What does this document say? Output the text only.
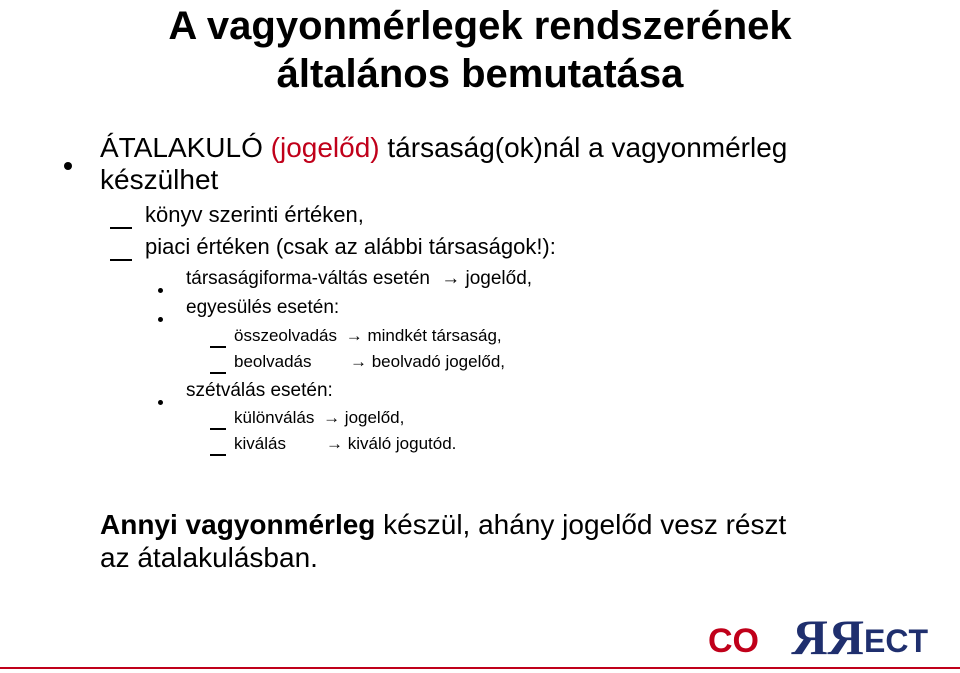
A vagyonmérlegek rendszerének
általános bemutatása
ÁTALAKULÓ (jogelőd) társaság(ok)nál a vagyonmérleg
készülhet
könyv szerinti értéken,
piaci értéken (csak az alábbi társaságok!):
társaságiforma-váltás esetén → jogelőd,
egyesülés esetén:
összeolvadás → mindkét társaság,
beolvadás → beolvadó jogelőd,
szétválás esetén:
különválás → jogelőd,
kiválás → kiváló jogutód.
Annyi vagyonmérleg készül, ahány jogelőd vesz részt
az átalakulásban.
CO RR ECT
